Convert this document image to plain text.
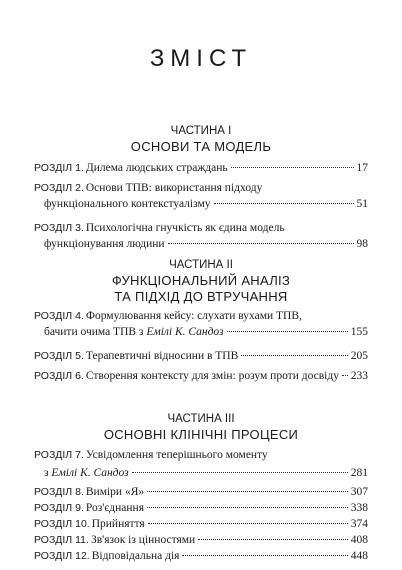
ЗМІСТ
ЧАСТИНА І
ОСНОВИ ТА МОДЕЛЬ
РОЗДІЛ 1. Дилема людських страждань	17
РОЗДІЛ 2. Основи ТПВ: використання підходу
функціонального контекстуалізму	51
РОЗДІЛ 3. Психологічна гнучкість як єдина модель
функціонування людини	98
ЧАСТИНА ІІ
ФУНКЦІОНАЛЬНИЙ АНАЛІЗ
ТА ПІДХІД ДО ВТРУЧАННЯ
РОЗДІЛ 4. Формулювання кейсу: слухати вухами ТПВ,
бачити очима ТПВ з
Емілі К. Сандоз	155
РОЗДІЛ 5. Терапевтичні відносини в ТПВ	205
РОЗДІЛ 6. Створення контексту для змін: розум проти досвіду 233
ЧАСТИНА ІІІ
ОСНОВНІ КЛІНІЧНІ ПРОЦЕСИ
РОЗДІЛ 7. Усвідомлення теперішнього моменту
з
Емілі К. Сандоз	281
РОЗДІЛ 8. Виміри «Я»	307
РОЗДІЛ 9. Роз'єднання	338
РОЗДІЛ 10. Прийняття	374
РОЗДІЛ 11. Зв'язок із цінностями	408
РОЗДІЛ 12. Відповідальна дія	448
